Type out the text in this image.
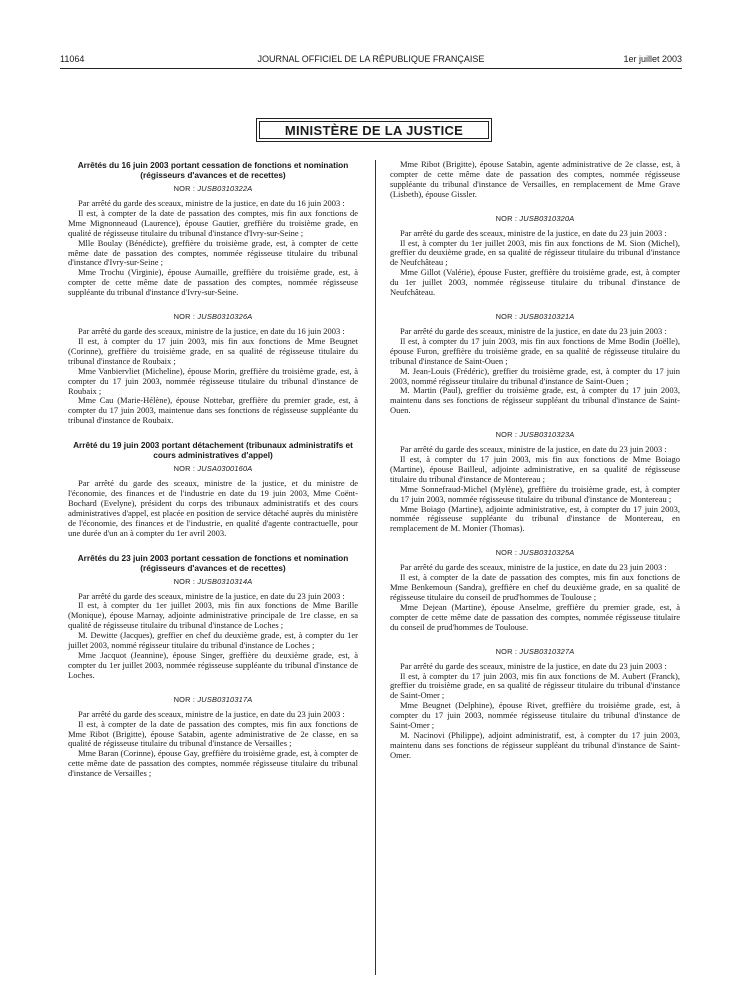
11064	JOURNAL OFFICIEL DE LA RÉPUBLIQUE FRANÇAISE	1er juillet 2003
MINISTÈRE DE LA JUSTICE
Arrêtés du 16 juin 2003 portant cessation de fonctions et nomination (régisseurs d'avances et de recettes)
NOR : JUSB0310322A

Par arrêté du garde des sceaux, ministre de la justice, en date du 16 juin 2003 :

Il est, à compter de la date de passation des comptes, mis fin aux fonctions de Mme Mignonneaud (Laurence), épouse Gautier, greffière du troisième grade, en qualité de régisseuse titulaire du tribunal d'instance d'Ivry-sur-Seine ;

Mlle Boulay (Bénédicte), greffière du troisième grade, est, à compter de cette même date de passation des comptes, nommée régisseuse titulaire du tribunal d'instance d'Ivry-sur-Seine ;

Mme Trochu (Virginie), épouse Aumaille, greffière du troisième grade, est, à compter de cette même date de passation des comptes, nommée régisseuse suppléante du tribunal d'instance d'Ivry-sur-Seine.

NOR : JUSB0310326A

Par arrêté du garde des sceaux, ministre de la justice, en date du 16 juin 2003 :

Il est, à compter du 17 juin 2003, mis fin aux fonctions de Mme Beugnet (Corinne), greffière du troisième grade, en sa qualité de régisseuse titulaire du tribunal d'instance de Roubaix ;

Mme Vanbiervliet (Micheline), épouse Morin, greffière du troisième grade, est, à compter du 17 juin 2003, nommée régisseuse titulaire du tribunal d'instance de Roubaix ;

Mme Cau (Marie-Hélène), épouse Nottebar, greffière du premier grade, est, à compter du 17 juin 2003, maintenue dans ses fonctions de régisseuse suppléante du tribunal d'instance de Roubaix.

Arrêté du 19 juin 2003 portant détachement (tribunaux administratifs et cours administratives d'appel)
NOR : JUSA0300160A

Par arrêté du garde des sceaux, ministre de la justice, et du ministre de l'économie, des finances et de l'industrie en date du 19 juin 2003, Mme Coënt-Bochard (Evelyne), président du corps des tribunaux administratifs et des cours administratives d'appel, est placée en position de service détaché auprès du ministère de l'économie, des finances et de l'industrie, en qualité d'agente contractuelle, pour une durée d'un an à compter du 1er avril 2003.

Arrêtés du 23 juin 2003 portant cessation de fonctions et nomination (régisseurs d'avances et de recettes)
NOR : JUSB0310314A

Par arrêté du garde des sceaux, ministre de la justice, en date du 23 juin 2003 :

Il est, à compter du 1er juillet 2003, mis fin aux fonctions de Mme Barille (Monique), épouse Marnay, adjointe administrative principale de 1re classe, en sa qualité de régisseuse titulaire du tribunal d'instance de Loches ;

M. Dewitte (Jacques), greffier en chef du deuxième grade, est, à compter du 1er juillet 2003, nommé régisseur titulaire du tribunal d'instance de Loches ;

Mme Jacquot (Jeannine), épouse Singer, greffière du deuxième grade, est, à compter du 1er juillet 2003, nommée régisseuse suppléante du tribunal d'instance de Loches.

NOR : JUSB0310317A

Par arrêté du garde des sceaux, ministre de la justice, en date du 23 juin 2003 :

Il est, à compter de la date de passation des comptes, mis fin aux fonctions de Mme Ribot (Brigitte), épouse Satabin, agente administrative de 2e classe, en sa qualité de régisseuse titulaire du tribunal d'instance de Versailles ;

Mme Baran (Corinne), épouse Gay, greffière du troisième grade, est, à compter de cette même date de passation des comptes, nommée régisseuse titulaire du tribunal d'instance de Versailles ;

Mme Ribot (Brigitte), épouse Satabin, agente administrative de 2e classe, est, à compter de cette même date de passation des comptes, nommée régisseuse suppléante du tribunal d'instance de Versailles, en remplacement de Mme Grave (Lisbeth), épouse Gissler.

NOR : JUSB0310320A

Par arrêté du garde des sceaux, ministre de la justice, en date du 23 juin 2003 :

Il est, à compter du 1er juillet 2003, mis fin aux fonctions de M. Sion (Michel), greffier du deuxième grade, en sa qualité de régisseur titulaire du tribunal d'instance de Neufchâteau ;

Mme Gillot (Valérie), épouse Fuster, greffière du troisième grade, est, à compter du 1er juillet 2003, nommée régisseuse titulaire du tribunal d'instance de Neufchâteau.

NOR : JUSB0310321A

Par arrêté du garde des sceaux, ministre de la justice, en date du 23 juin 2003 :

Il est, à compter du 17 juin 2003, mis fin aux fonctions de Mme Bodin (Joëlle), épouse Furon, greffière du troisième grade, en sa qualité de régisseuse titulaire du tribunal d'instance de Saint-Ouen ;

M. Jean-Louis (Frédéric), greffier du troisième grade, est, à compter du 17 juin 2003, nommé régisseur titulaire du tribunal d'instance de Saint-Ouen ;

M. Martin (Paul), greffier du troisième grade, est, à compter du 17 juin 2003, maintenu dans ses fonctions de régisseur suppléant du tribunal d'instance de Saint-Ouen.

NOR : JUSB0310323A

Par arrêté du garde des sceaux, ministre de la justice, en date du 23 juin 2003 :

Il est, à compter du 17 juin 2003, mis fin aux fonctions de Mme Boiago (Martine), épouse Bailleul, adjointe administrative, en sa qualité de régisseuse titulaire du tribunal d'instance de Montereau ;

Mme Sonnefraud-Michel (Mylène), greffière du troisième grade, est, à compter du 17 juin 2003, nommée régisseuse titulaire du tribunal d'instance de Montereau ;

Mme Boiago (Martine), adjointe administrative, est, à compter du 17 juin 2003, nommée régisseuse suppléante du tribunal d'instance de Montereau, en remplacement de M. Monier (Thomas).

NOR : JUSB0310325A

Par arrêté du garde des sceaux, ministre de la justice, en date du 23 juin 2003 :

Il est, à compter de la date de passation des comptes, mis fin aux fonctions de Mme Benkemoun (Sandra), greffière en chef du deuxième grade, en sa qualité de régisseuse titulaire du conseil de prud'hommes de Toulouse ;

Mme Dejean (Martine), épouse Anselme, greffière du premier grade, est, à compter de cette même date de passation des comptes, nommée régisseuse titulaire du conseil de prud'hommes de Toulouse.

NOR : JUSB0310327A

Par arrêté du garde des sceaux, ministre de la justice, en date du 23 juin 2003 :

Il est, à compter du 17 juin 2003, mis fin aux fonctions de M. Aubert (Franck), greffier du troisième grade, en sa qualité de régisseur titulaire du tribunal d'instance de Saint-Omer ;

Mme Beugnet (Delphine), épouse Rivet, greffière du troisième grade, est, à compter du 17 juin 2003, nommée régisseuse titulaire du tribunal d'instance de Saint-Omer ;

M. Nacinovi (Philippe), adjoint administratif, est, à compter du 17 juin 2003, maintenu dans ses fonctions de régisseur suppléant du tribunal d'instance de Saint-Omer.
